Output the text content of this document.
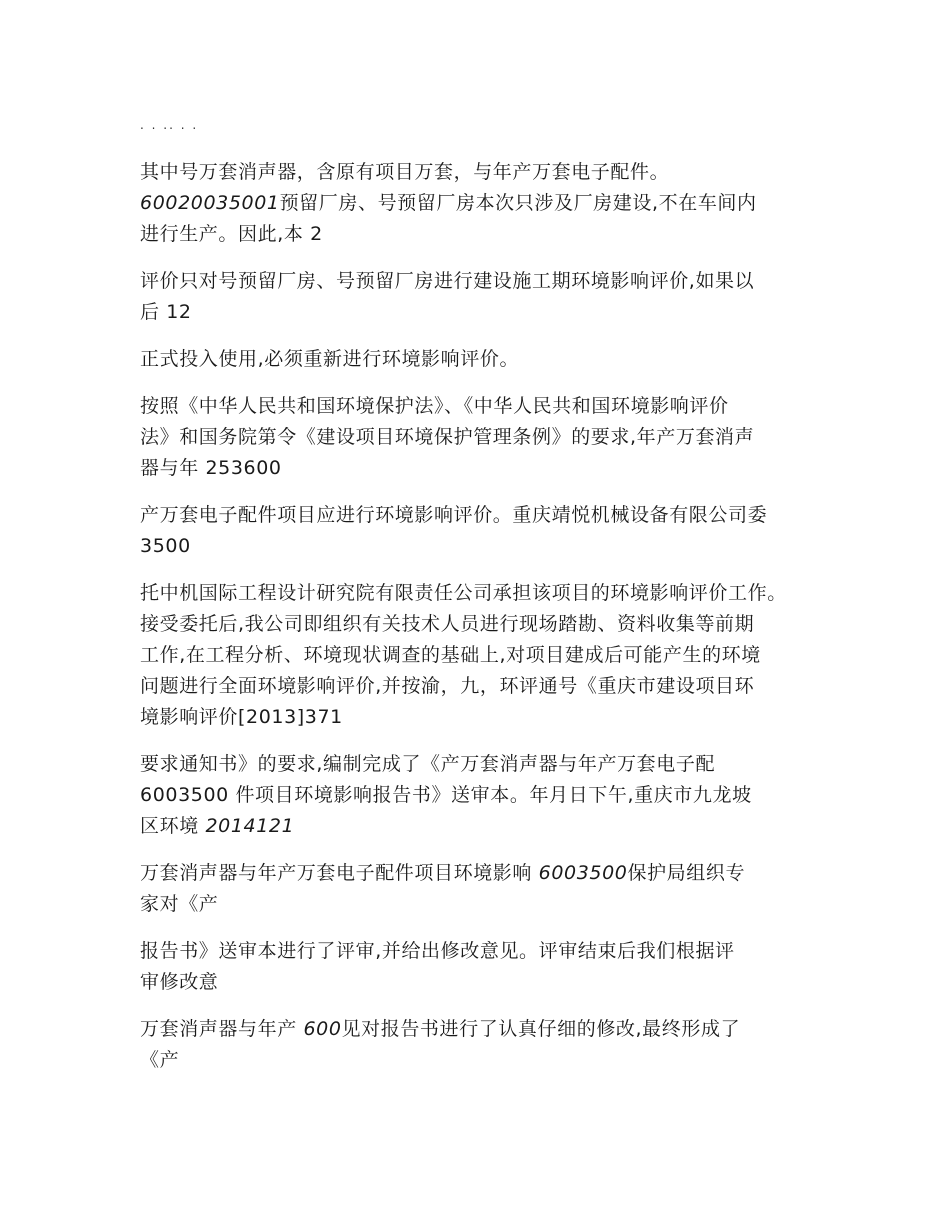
. . .. . .

其中号万套消声器，含原有项目万套，与年产万套电子配件。
60020035001预留厂房、号预留厂房本次只涉及厂房建设,不在车间内
进行生产。因此,本 2

评价只对号预留厂房、号预留厂房进行建设施工期环境影响评价,如果以
后 12

正式投入使用,必须重新进行环境影响评价。

按照《中华人民共和国环境保护法》、《中华人民共和国环境影响评价
法》和国务院第令《建设项目环境保护管理条例》的要求,年产万套消声
器与年 253600

产万套电子配件项目应进行环境影响评价。重庆靖悦机械设备有限公司委
3500

托中机国际工程设计研究院有限责任公司承担该项目的环境影响评价工作。
接受委托后,我公司即组织有关技术人员进行现场踏勘、资料收集等前期
工作,在工程分析、环境现状调查的基础上,对项目建成后可能产生的环境
问题进行全面环境影响评价,并按渝，九，环评通号《重庆市建设项目环
境影响评价[2013]371

要求通知书》的要求,编制完成了《产万套消声器与年产万套电子配
6003500 件项目环境影响报告书》送审本。年月日下午,重庆市九龙坡
区环境 2014121

万套消声器与年产万套电子配件项目环境影响 6003500保护局组织专
家对《产

报告书》送审本进行了评审,并给出修改意见。评审结束后我们根据评
审修改意

万套消声器与年产 600见对报告书进行了认真仔细的修改,最终形成了
《产
